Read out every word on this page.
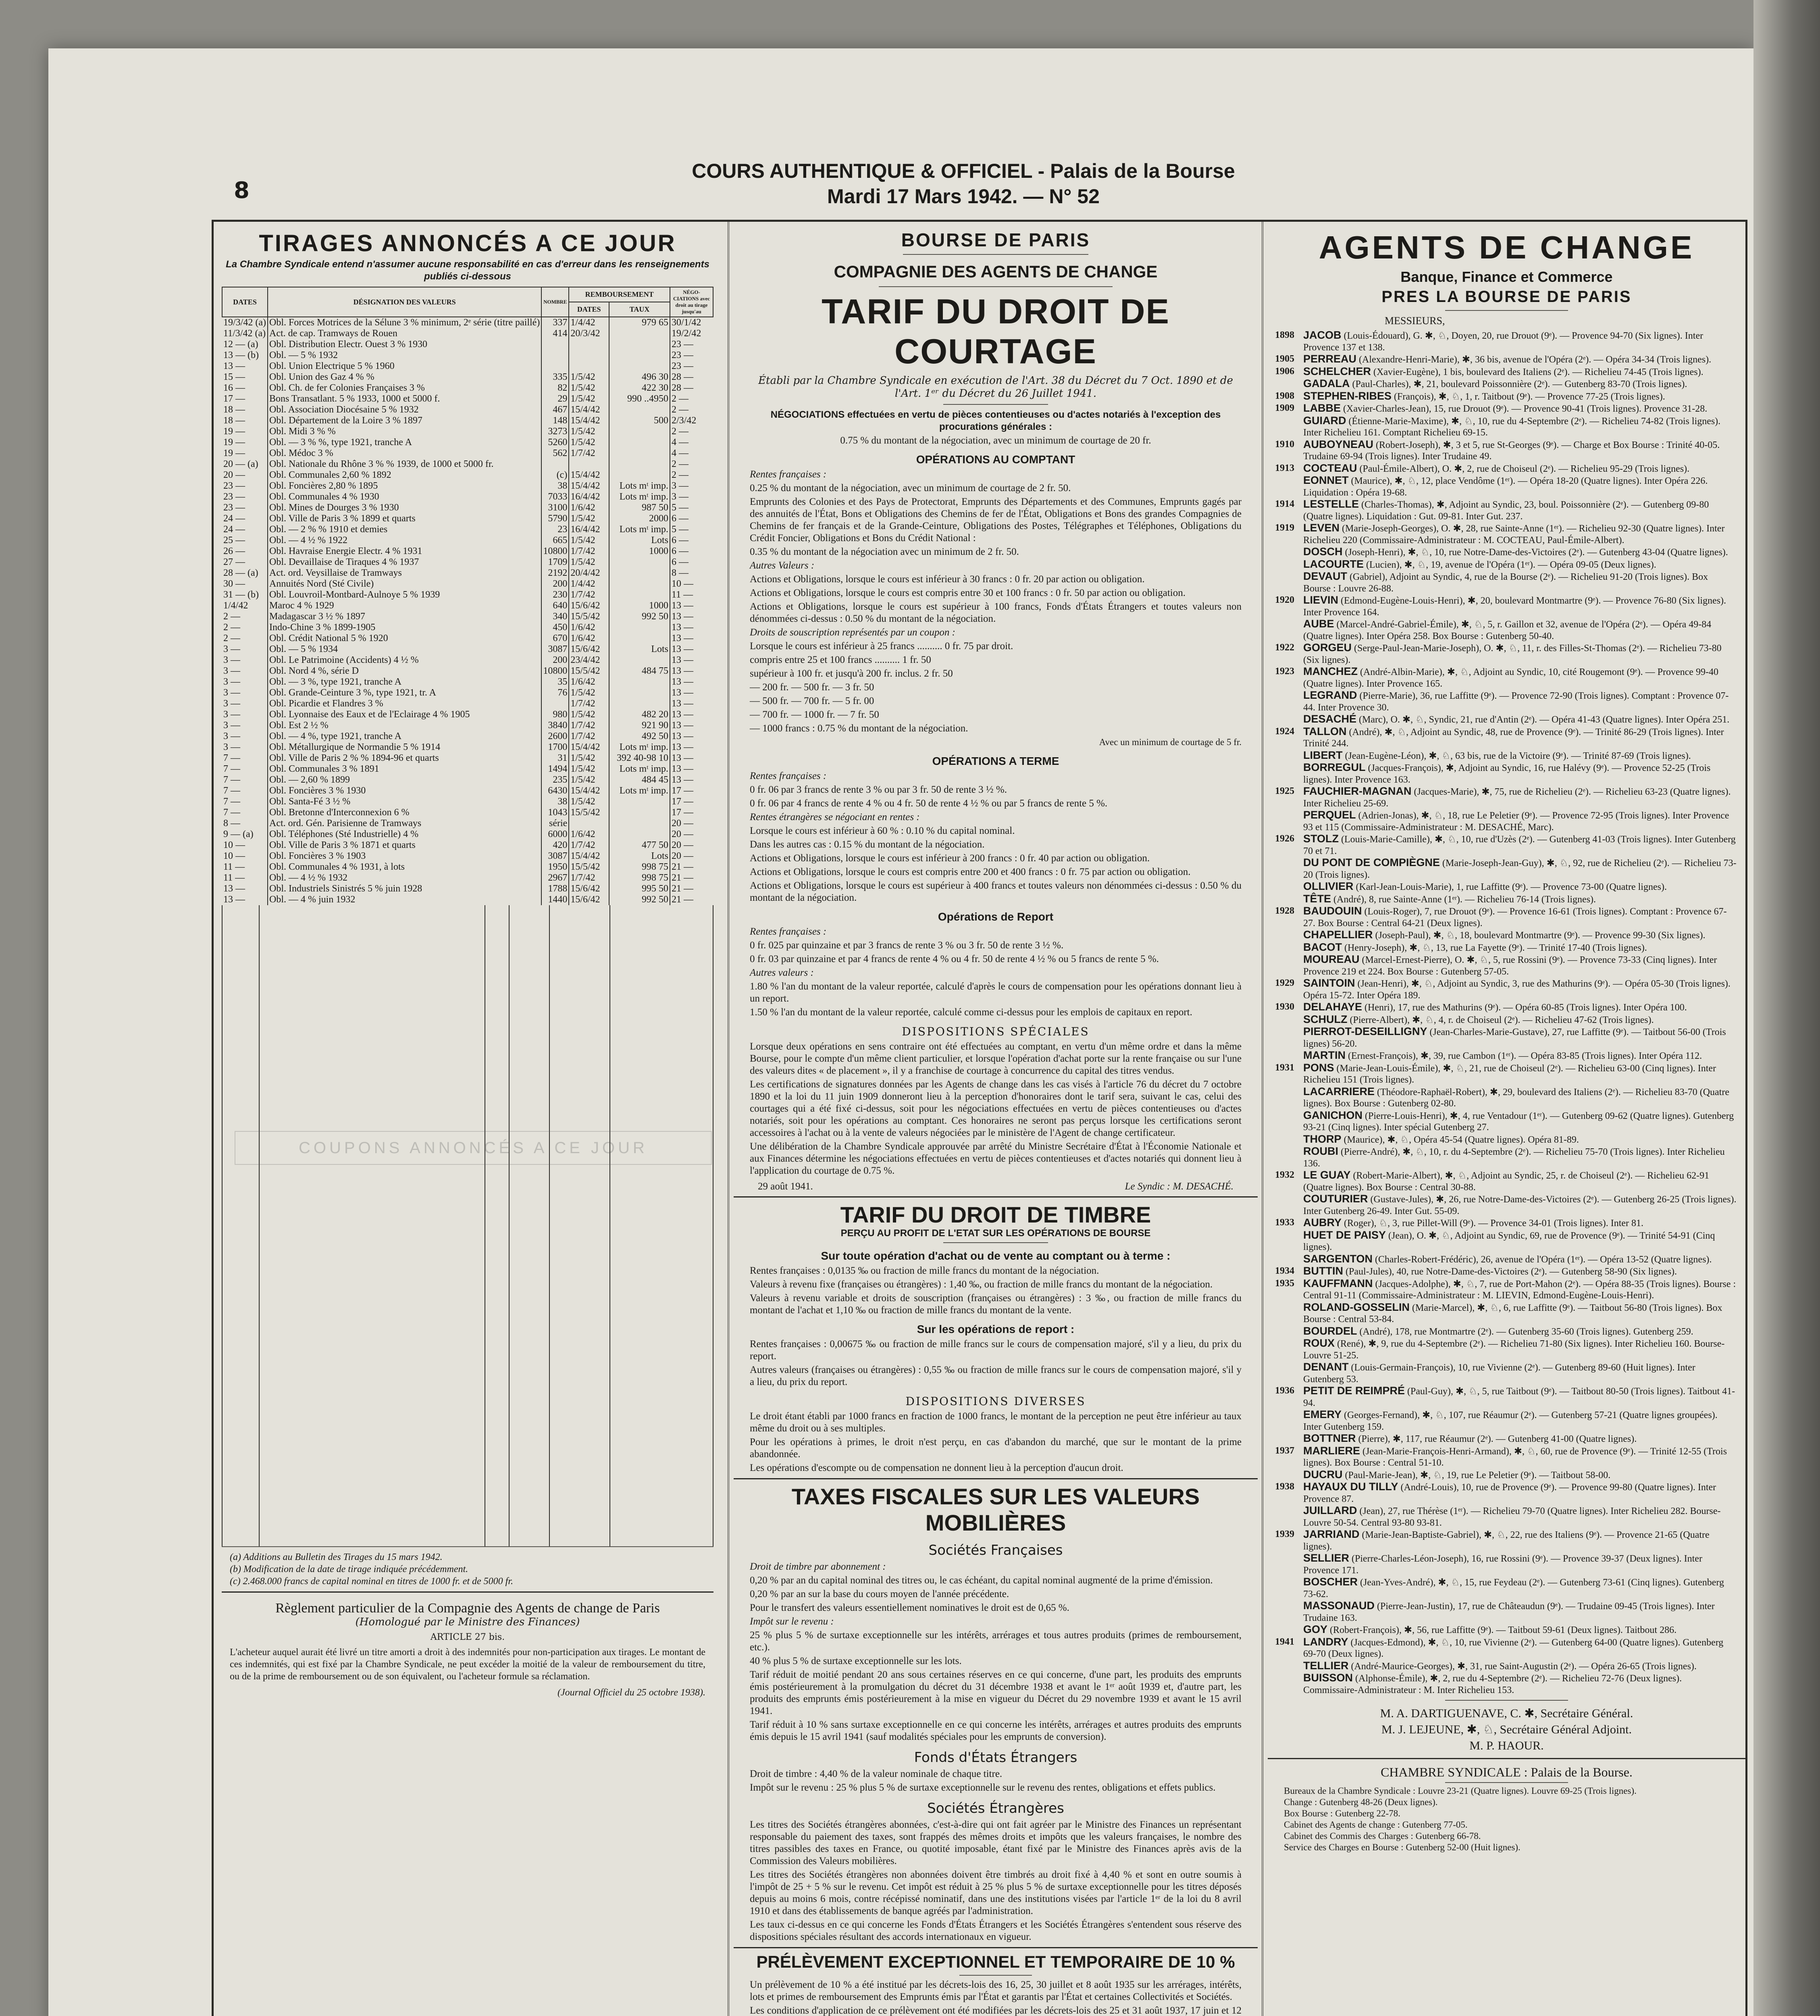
8
COURS AUTHENTIQUE & OFFICIEL - Palais de la Bourse
Mardi 17 Mars 1942. — N° 52
TIRAGES ANNONCÉS A CE JOUR
La Chambre Syndicale entend n'assumer aucune responsabilité en cas d'erreur dans les renseignements publiés ci-dessous
DATES	DÉSIGNATION DES VALEURS	NOMBRE	REMBOURSEMENT		NÉGO-CIATIONS avec droit au tirage jusqu'au
			DATES	TAUX	
19/3/42 (a)	Obl. Forces Motrices de la Sélune 3 % minimum, 2ᵉ série (titre paillé)	337	1/4/42	979 65	30/1/42
11/3/42 (a)	Act. de cap. Tramways de Rouen	414	20/3/42		19/2/42
12 — (a)	Obl. Distribution Electr. Ouest 3 % 1930				23 —
13 — (b)	Obl. — 5 % 1932				23 —
13 —	Obl. Union Electrique 5 % 1960				23 —
15 —	Obl. Union des Gaz 4 % %	335	1/5/42	496 30	28 —
16 —	Obl. Ch. de fer Colonies Françaises 3 %	82	1/5/42	422 30	28 —
17 —	Bons Transatlant. 5 % 1933, 1000 et 5000 f.	29	1/5/42	990 ..4950	2 —
18 —	Obl. Association Diocésaine 5 % 1932	467	15/4/42		2 —
18 —	Obl. Département de la Loire 3 % 1897	148	15/4/42	500	2/3/42
19 —	Obl. Midi 3 % %	3273	1/5/42		2 —
19 —	Obl. — 3 % %, type 1921, tranche A	5260	1/5/42		4 —
19 —	Obl. Médoc 3 %	562	1/7/42		4 —
20 — (a)	Obl. Nationale du Rhône 3 % % 1939, de 1000 et 5000 fr.				2 —
20 —	Obl. Communales 2,60 % 1892	(c)	15/4/42		2 —
23 —	Obl. Foncières 2,80 % 1895	38	15/4/42	Lots mᵗ imp.	3 —
23 —	Obl. Communales 4 % 1930	7033	16/4/42	Lots mᵗ imp.	3 —
23 —	Obl. Mines de Dourges 3 % 1930	3100	1/6/42	987 50	5 —
24 —	Obl. Ville de Paris 3 % 1899 et quarts	5790	1/5/42	2000	6 —
24 —	Obl. — 2 % % 1910 et demies	23	16/4/42	Lots mᵗ imp.	5 —
25 —	Obl. — 4 ½ % 1922	665	1/5/42	Lots	6 —
26 —	Obl. Havraise Energie Electr. 4 % 1931	10800	1/7/42	1000	6 —
27 —	Obl. Devaillaise de Tiraques 4 % 1937	1709	1/5/42		6 —
28 — (a)	Act. ord. Veysillaise de Tramways	2192	20/4/42		8 —
30 —	Annuités Nord (Sté Civile)	200	1/4/42		10 —
31 — (b)	Obl. Louvroil-Montbard-Aulnoye 5 % 1939	230	1/7/42		11 —
1/4/42	Maroc 4 % 1929	640	15/6/42	1000	13 —
2 —	Madagascar 3 ½ % 1897	340	15/5/42	992 50	13 —
2 —	Indo-Chine 3 % 1899-1905	450	1/6/42		13 —
2 —	Obl. Crédit National 5 % 1920	670	1/6/42		13 —
3 —	Obl. — 5 % 1934	3087	15/6/42	Lots	13 —
3 —	Obl. Le Patrimoine (Accidents) 4 ½ %	200	23/4/42		13 —
3 —	Obl. Nord 4 %, série D	10800	15/5/42	484 75	13 —
3 —	Obl. — 3 %, type 1921, tranche A	35	1/6/42		13 —
3 —	Obl. Grande-Ceinture 3 %, type 1921, tr. A	76	1/5/42		13 —
3 —	Obl. Picardie et Flandres 3 %		1/7/42		13 —
3 —	Obl. Lyonnaise des Eaux et de l'Eclairage 4 % 1905	980	1/5/42	482 20	13 —
3 —	Obl. Est 2 ½ %	3840	1/7/42	921 90	13 —
3 —	Obl. — 4 %, type 1921, tranche A	2600	1/7/42	492 50	13 —
3 —	Obl. Métallurgique de Normandie 5 % 1914	1700	15/4/42	Lots mᵗ imp.	13 —
7 —	Obl. Ville de Paris 2 % % 1894-96 et quarts	31	1/5/42	392 40-98 10	13 —
7 —	Obl. Communales 3 % 1891	1494	1/5/42	Lots mᵗ imp.	13 —
7 —	Obl. — 2,60 % 1899	235	1/5/42	484 45	13 —
7 —	Obl. Foncières 3 % 1930	6430	15/4/42	Lots mᵗ imp.	17 —
7 —	Obl. Santa-Fé 3 ½ %	38	1/5/42		17 —
7 —	Obl. Bretonne d'Interconnexion 6 %	1043	15/5/42		17 —
8 —	Act. ord. Gén. Parisienne de Tramways	série			20 —
9 — (a)	Obl. Téléphones (Sté Industrielle) 4 %	6000	1/6/42		20 —
10 —	Obl. Ville de Paris 3 % 1871 et quarts	420	1/7/42	477 50	20 —
10 —	Obl. Foncières 3 % 1903	3087	15/4/42	Lots	20 —
11 —	Obl. Communales 4 % 1931, à lots	1950	15/5/42	998 75	21 —
11 —	Obl. — 4 ½ % 1932	2967	1/7/42	998 75	21 —
13 —	Obl. Industriels Sinistrés 5 % juin 1928	1788	15/6/42	995 50	21 —
13 —	Obl. — 4 % juin 1932	1440	15/6/42	992 50	21 —
COUPONS ANNONCÉS A CE JOUR
(a) Additions au Bulletin des Tirages du 15 mars 1942.
(b) Modification de la date de tirage indiquée précédemment.
(c) 2.468.000 francs de capital nominal en titres de 1000 fr. et de 5000 fr.
Règlement particulier de la Compagnie des Agents de change de Paris
(Homologué par le Ministre des Finances)
ARTICLE 27 bis.
L'acheteur auquel aurait été livré un titre amorti a droit à des indemnités pour non-participation aux tirages. Le montant de ces indemnités, qui est fixé par la Chambre Syndicale, ne peut excéder la moitié de la valeur de remboursement du titre, ou de la prime de remboursement ou de son équivalent, ou l'acheteur formule sa réclamation.
(Journal Officiel du 25 octobre 1938).
BOURSE DE PARIS
COMPAGNIE DES AGENTS DE CHANGE
TARIF DU DROIT DE COURTAGE
Établi par la Chambre Syndicale en exécution de l'Art. 38 du Décret du 7 Oct. 1890 et de l'Art. 1ᵉʳ du Décret du 26 Juillet 1941.
NÉGOCIATIONS effectuées en vertu de pièces contentieuses ou d'actes notariés à l'exception des procurations générales :
0.75 % du montant de la négociation, avec un minimum de courtage de 20 fr.
OPÉRATIONS AU COMPTANT
Rentes françaises :
0.25 % du montant de la négociation, avec un minimum de courtage de 2 fr. 50.
Emprunts des Colonies et des Pays de Protectorat, Emprunts des Départements et des Communes, Emprunts gagés par des annuités de l'État, Bons et Obligations des Chemins de fer de l'État, Obligations et Bons des grandes Compagnies de Chemins de fer français et de la Grande-Ceinture, Obligations des Postes, Télégraphes et Téléphones, Obligations du Crédit Foncier, Obligations et Bons du Crédit National :
0.35 % du montant de la négociation avec un minimum de 2 fr. 50.
Autres Valeurs :
Actions et Obligations, lorsque le cours est inférieur à 30 francs : 0 fr. 20 par action ou obligation.
Actions et Obligations, lorsque le cours est compris entre 30 et 100 francs : 0 fr. 50 par action ou obligation.
Actions et Obligations, lorsque le cours est supérieur à 100 francs, Fonds d'États Étrangers et toutes valeurs non dénommées ci-dessus : 0.50 % du montant de la négociation.
Droits de souscription représentés par un coupon :
Lorsque le cours est inférieur à 25 francs .......... 0 fr. 75 par droit.
compris entre 25 et 100 francs .......... 1 fr. 50
supérieur à 100 fr. et jusqu'à 200 fr. inclus. 2 fr. 50
— 200 fr. — 500 fr. — 3 fr. 50
— 500 fr. — 700 fr. — 5 fr. 00
— 700 fr. — 1000 fr. — 7 fr. 50
— 1000 francs : 0.75 % du montant de la négociation.
Avec un minimum de courtage de 5 fr.
OPÉRATIONS A TERME
Rentes françaises :
0 fr. 06 par 3 francs de rente 3 % ou par 3 fr. 50 de rente 3 ½ %.
0 fr. 06 par 4 francs de rente 4 % ou 4 fr. 50 de rente 4 ½ % ou par 5 francs de rente 5 %.
Rentes étrangères se négociant en rentes :
Lorsque le cours est inférieur à 60 % : 0.10 % du capital nominal.
Dans les autres cas : 0.15 % du montant de la négociation.
Actions et Obligations, lorsque le cours est inférieur à 200 francs : 0 fr. 40 par action ou obligation.
Actions et Obligations, lorsque le cours est compris entre 200 et 400 francs : 0 fr. 75 par action ou obligation.
Actions et Obligations, lorsque le cours est supérieur à 400 francs et toutes valeurs non dénommées ci-dessus : 0.50 % du montant de la négociation.
Opérations de Report
Rentes françaises :
0 fr. 025 par quinzaine et par 3 francs de rente 3 % ou 3 fr. 50 de rente 3 ½ %.
0 fr. 03 par quinzaine et par 4 francs de rente 4 % ou 4 fr. 50 de rente 4 ½ % ou 5 francs de rente 5 %.
Autres valeurs :
1.80 % l'an du montant de la valeur reportée, calculé d'après le cours de compensation pour les opérations donnant lieu à un report.
1.50 % l'an du montant de la valeur reportée, calculé comme ci-dessus pour les emplois de capitaux en report.
DISPOSITIONS SPÉCIALES
Lorsque deux opérations en sens contraire ont été effectuées au comptant, en vertu d'un même ordre et dans la même Bourse, pour le compte d'un même client particulier, et lorsque l'opération d'achat porte sur la rente française ou sur l'une des valeurs dites « de placement », il y a franchise de courtage à concurrence du capital des titres vendus.
Les certifications de signatures données par les Agents de change dans les cas visés à l'article 76 du décret du 7 octobre 1890 et la loi du 11 juin 1909 donneront lieu à la perception d'honoraires dont le tarif sera, suivant le cas, celui des courtages qui a été fixé ci-dessus, soit pour les négociations effectuées en vertu de pièces contentieuses ou d'actes notariés, soit pour les opérations au comptant. Ces honoraires ne seront pas perçus lorsque les certifications seront accessoires à l'achat ou à la vente de valeurs négociées par le ministère de l'Agent de change certificateur.
Une délibération de la Chambre Syndicale approuvée par arrêté du Ministre Secrétaire d'État à l'Économie Nationale et aux Finances détermine les négociations effectuées en vertu de pièces contentieuses et d'actes notariés qui donnent lieu à l'application du courtage de 0.75 %.
29 août 1941.	Le Syndic : M. DESACHÉ.
TARIF DU DROIT DE TIMBRE
PERÇU AU PROFIT DE L'ETAT SUR LES OPÉRATIONS DE BOURSE
Sur toute opération d'achat ou de vente au comptant ou à terme :
Rentes françaises : 0,0135 ‰ ou fraction de mille francs du montant de la négociation.
Valeurs à revenu fixe (françaises ou étrangères) : 1,40 ‰, ou fraction de mille francs du montant de la négociation.
Valeurs à revenu variable et droits de souscription (françaises ou étrangères) : 3 ‰, ou fraction de mille francs du montant de l'achat et 1,10 ‰ ou fraction de mille francs du montant de la vente.
Sur les opérations de report :
Rentes françaises : 0,00675 ‰ ou fraction de mille francs sur le cours de compensation majoré, s'il y a lieu, du prix du report.
Autres valeurs (françaises ou étrangères) : 0,55 ‰ ou fraction de mille francs sur le cours de compensation majoré, s'il y a lieu, du prix du report.
DISPOSITIONS DIVERSES
Le droit étant établi par 1000 francs en fraction de 1000 francs, le montant de la perception ne peut être inférieur au taux même du droit ou à ses multiples.
Pour les opérations à primes, le droit n'est perçu, en cas d'abandon du marché, que sur le montant de la prime abandonnée.
Les opérations d'escompte ou de compensation ne donnent lieu à la perception d'aucun droit.
TAXES FISCALES SUR LES VALEURS MOBILIÈRES
Sociétés Françaises
Droit de timbre par abonnement :
0,20 % par an du capital nominal des titres ou, le cas échéant, du capital nominal augmenté de la prime d'émission.
0,20 % par an sur la base du cours moyen de l'année précédente.
Pour le transfert des valeurs essentiellement nominatives le droit est de 0,65 %.
Impôt sur le revenu :
25 % plus 5 % de surtaxe exceptionnelle sur les intérêts, arrérages et tous autres produits (primes de remboursement, etc.).
40 % plus 5 % de surtaxe exceptionnelle sur les lots.
Tarif réduit de moitié pendant 20 ans sous certaines réserves en ce qui concerne, d'une part, les produits des emprunts émis postérieurement à la promulgation du décret du 31 décembre 1938 et avant le 1ᵉʳ août 1939 et, d'autre part, les produits des emprunts émis postérieurement à la mise en vigueur du Décret du 29 novembre 1939 et avant le 15 avril 1941.
Tarif réduit à 10 % sans surtaxe exceptionnelle en ce qui concerne les intérêts, arrérages et autres produits des emprunts émis depuis le 15 avril 1941 (sauf modalités spéciales pour les emprunts de conversion).
Fonds d'États Étrangers
Droit de timbre : 4,40 % de la valeur nominale de chaque titre.
Impôt sur le revenu : 25 % plus 5 % de surtaxe exceptionnelle sur le revenu des rentes, obligations et effets publics.
Sociétés Étrangères
Les titres des Sociétés étrangères abonnées, c'est-à-dire qui ont fait agréer par le Ministre des Finances un représentant responsable du paiement des taxes, sont frappés des mêmes droits et impôts que les valeurs françaises, le nombre des titres passibles des taxes en France, ou quotité imposable, étant fixé par le Ministre des Finances après avis de la Commission des Valeurs mobilières.
Les titres des Sociétés étrangères non abonnées doivent être timbrés au droit fixé à 4,40 % et sont en outre soumis à l'impôt de 25 + 5 % sur le revenu. Cet impôt est réduit à 25 % plus 5 % de surtaxe exceptionnelle pour les titres déposés depuis au moins 6 mois, contre récépissé nominatif, dans une des institutions visées par l'article 1ᵉʳ de la loi du 8 avril 1910 et dans des établissements de banque agréés par l'administration.
Les taux ci-dessus en ce qui concerne les Fonds d'États Étrangers et les Sociétés Étrangères s'entendent sous réserve des dispositions spéciales résultant des accords internationaux en vigueur.
PRÉLÈVEMENT EXCEPTIONNEL ET TEMPORAIRE DE 10 %
Un prélèvement de 10 % a été institué par les décrets-lois des 16, 25, 30 juillet et 8 août 1935 sur les arrérages, intérêts, lots et primes de remboursement des Emprunts émis par l'État et garantis par l'État et certaines Collectivités et Sociétés.
Les conditions d'application de ce prélèvement ont été modifiées par les décrets-lois des 25 et 31 août 1937, 17 juin et 12
AGENTS DE CHANGE
Banque, Finance et Commerce
PRES LA BOURSE DE PARIS
MESSIEURS,
1898 JACOB (Louis-Édouard), G. ✱, ♘, Doyen, 20, rue Drouot (9ᵉ). — Provence 94-70 (Six lignes). Inter Provence 137 et 138.
1905 PERREAU (Alexandre-Henri-Marie), ✱, 36 bis, avenue de l'Opéra (2ᵉ). — Opéra 34-34 (Trois lignes).
1906 SCHELCHER (Xavier-Eugène), 1 bis, boulevard des Italiens (2ᵉ). — Richelieu 74-45 (Trois lignes).
GADALA (Paul-Charles), ✱, 21, boulevard Poissonnière (2ᵉ). — Gutenberg 83-70 (Trois lignes).
1908 STEPHEN-RIBES (François), ✱, ♘, 1, r. Taitbout (9ᵉ). — Provence 77-25 (Trois lignes).
1909 LABBE (Xavier-Charles-Jean), 15, rue Drouot (9ᵉ). — Provence 90-41 (Trois lignes). Provence 31-28.
GUIARD (Étienne-Marie-Maxime), ✱, ♘, 10, rue du 4-Septembre (2ᵉ). — Richelieu 74-82 (Trois lignes). Inter Richelieu 161. Comptant Richelieu 69-15.
1910 AUBOYNEAU (Robert-Joseph), ✱, 3 et 5, rue St-Georges (9ᵉ). — Charge et Box Bourse : Trinité 40-05. Trudaine 69-94 (Trois lignes). Inter Trudaine 49.
1913 COCTEAU (Paul-Émile-Albert), O. ✱, 2, rue de Choiseul (2ᵉ). — Richelieu 95-29 (Trois lignes).
EONNET (Maurice), ✱, ♘, 12, place Vendôme (1ᵉʳ). — Opéra 18-20 (Quatre lignes). Inter Opéra 226. Liquidation : Opéra 19-68.
1914 LESTELLE (Charles-Thomas), ✱, Adjoint au Syndic, 23, boul. Poissonnière (2ᵉ). — Gutenberg 09-80 (Quatre lignes). Liquidation : Gut. 09-81. Inter Gut. 237.
1919 LEVEN (Marie-Joseph-Georges), O. ✱, 28, rue Sainte-Anne (1ᵉʳ). — Richelieu 92-30 (Quatre lignes). Inter Richelieu 220 (Commissaire-Administrateur : M. COCTEAU, Paul-Émile-Albert).
DOSCH (Joseph-Henri), ✱, ♘, 10, rue Notre-Dame-des-Victoires (2ᵉ). — Gutenberg 43-04 (Quatre lignes).
LACOURTE (Lucien), ✱, ♘, 19, avenue de l'Opéra (1ᵉʳ). — Opéra 09-05 (Deux lignes).
DEVAUT (Gabriel), Adjoint au Syndic, 4, rue de la Bourse (2ᵉ). — Richelieu 91-20 (Trois lignes). Box Bourse : Louvre 26-88.
1920 LIEVIN (Edmond-Eugène-Louis-Henri), ✱, 20, boulevard Montmartre (9ᵉ). — Provence 76-80 (Six lignes). Inter Provence 164.
AUBE (Marcel-André-Gabriel-Émile), ✱, ♘, 5, r. Gaillon et 32, avenue de l'Opéra (2ᵉ). — Opéra 49-84 (Quatre lignes). Inter Opéra 258. Box Bourse : Gutenberg 50-40.
1922 GORGEU (Serge-Paul-Jean-Marie-Joseph), O. ✱, ♘, 11, r. des Filles-St-Thomas (2ᵉ). — Richelieu 73-80 (Six lignes).
1923 MANCHEZ (André-Albin-Marie), ✱, ♘, Adjoint au Syndic, 10, cité Rougemont (9ᵉ). — Provence 99-40 (Quatre lignes). Inter Provence 165.
LEGRAND (Pierre-Marie), 36, rue Laffitte (9ᵉ). — Provence 72-90 (Trois lignes). Comptant : Provence 07-44. Inter Provence 30.
DESACHÉ (Marc), O. ✱, ♘, Syndic, 21, rue d'Antin (2ᵉ). — Opéra 41-43 (Quatre lignes). Inter Opéra 251.
1924 TALLON (André), ✱, ♘, Adjoint au Syndic, 48, rue de Provence (9ᵉ). — Trinité 86-29 (Trois lignes). Inter Trinité 244.
LIBERT (Jean-Eugène-Léon), ✱, ♘, 63 bis, rue de la Victoire (9ᵉ). — Trinité 87-69 (Trois lignes).
BORREGUL (Jacques-François), ✱, Adjoint au Syndic, 16, rue Halévy (9ᵉ). — Provence 52-25 (Trois lignes). Inter Provence 163.
1925 FAUCHIER-MAGNAN (Jacques-Marie), ✱, 75, rue de Richelieu (2ᵉ). — Richelieu 63-23 (Quatre lignes). Inter Richelieu 25-69.
PERQUEL (Adrien-Jonas), ✱, ♘, 18, rue Le Peletier (9ᵉ). — Provence 72-95 (Trois lignes). Inter Provence 93 et 115 (Commissaire-Administrateur : M. DESACHÉ, Marc).
1926 STOLZ (Louis-Marie-Camille), ✱, ♘, 10, rue d'Uzès (2ᵉ). — Gutenberg 41-03 (Trois lignes). Inter Gutenberg 70 et 71.
DU PONT DE COMPIÈGNE (Marie-Joseph-Jean-Guy), ✱, ♘, 92, rue de Richelieu (2ᵉ). — Richelieu 73-20 (Trois lignes).
OLLIVIER (Karl-Jean-Louis-Marie), 1, rue Laffitte (9ᵉ). — Provence 73-00 (Quatre lignes).
TÊTE (André), 8, rue Sainte-Anne (1ᵉʳ). — Richelieu 76-14 (Trois lignes).
1928 BAUDOUIN (Louis-Roger), 7, rue Drouot (9ᵉ). — Provence 16-61 (Trois lignes). Comptant : Provence 67-27. Box Bourse : Central 64-21 (Deux lignes).
CHAPELLIER (Joseph-Paul), ✱, ♘, 18, boulevard Montmartre (9ᵉ). — Provence 99-30 (Six lignes).
BACOT (Henry-Joseph), ✱, ♘, 13, rue La Fayette (9ᵉ). — Trinité 17-40 (Trois lignes).
MOUREAU (Marcel-Ernest-Pierre), O. ✱, ♘, 5, rue Rossini (9ᵉ). — Provence 73-33 (Cinq lignes). Inter Provence 219 et 224. Box Bourse : Gutenberg 57-05.
1929 SAINTOIN (Jean-Henri), ✱, ♘, Adjoint au Syndic, 3, rue des Mathurins (9ᵉ). — Opéra 05-30 (Trois lignes). Opéra 15-72. Inter Opéra 189.
1930 DELAHAYE (Henri), 17, rue des Mathurins (9ᵉ). — Opéra 60-85 (Trois lignes). Inter Opéra 100.
SCHULZ (Pierre-Albert), ✱, ♘, 4, r. de Choiseul (2ᵉ). — Richelieu 47-62 (Trois lignes).
PIERROT-DESEILLIGNY (Jean-Charles-Marie-Gustave), 27, rue Laffitte (9ᵉ). — Taitbout 56-00 (Trois lignes) 56-20.
MARTIN (Ernest-François), ✱, 39, rue Cambon (1ᵉʳ). — Opéra 83-85 (Trois lignes). Inter Opéra 112.
1931 PONS (Marie-Jean-Louis-Émile), ✱, ♘, 21, rue de Choiseul (2ᵉ). — Richelieu 63-00 (Cinq lignes). Inter Richelieu 151 (Trois lignes).
LACARRIERE (Théodore-Raphaël-Robert), ✱, 29, boulevard des Italiens (2ᵉ). — Richelieu 83-70 (Quatre lignes). Box Bourse : Gutenberg 02-80.
GANICHON (Pierre-Louis-Henri), ✱, 4, rue Ventadour (1ᵉʳ). — Gutenberg 09-62 (Quatre lignes). Gutenberg 93-21 (Cinq lignes). Inter spécial Gutenberg 27.
THORP (Maurice), ✱, ♘, Opéra 45-54 (Quatre lignes). Opéra 81-89.
ROUBI (Pierre-André), ✱, ♘, 10, r. du 4-Septembre (2ᵉ). — Richelieu 75-70 (Trois lignes). Inter Richelieu 136.
1932 LE GUAY (Robert-Marie-Albert), ✱, ♘, Adjoint au Syndic, 25, r. de Choiseul (2ᵉ). — Richelieu 62-91 (Quatre lignes). Box Bourse : Central 30-88.
COUTURIER (Gustave-Jules), ✱, 26, rue Notre-Dame-des-Victoires (2ᵉ). — Gutenberg 26-25 (Trois lignes). Inter Gutenberg 26-49. Inter Gut. 55-09.
1933 AUBRY (Roger), ♘, 3, rue Pillet-Will (9ᵉ). — Provence 34-01 (Trois lignes). Inter 81.
HUET DE PAISY (Jean), O. ✱, ♘, Adjoint au Syndic, 69, rue de Provence (9ᵉ). — Trinité 54-91 (Cinq lignes).
SARGENTON (Charles-Robert-Frédéric), 26, avenue de l'Opéra (1ᵉʳ). — Opéra 13-52 (Quatre lignes).
1934 BUTTIN (Paul-Jules), 40, rue Notre-Dame-des-Victoires (2ᵉ). — Gutenberg 58-90 (Six lignes).
1935 KAUFFMANN (Jacques-Adolphe), ✱, ♘, 7, rue de Port-Mahon (2ᵉ). — Opéra 88-35 (Trois lignes). Bourse : Central 91-11 (Commissaire-Administrateur : M. LIEVIN, Edmond-Eugène-Louis-Henri).
ROLAND-GOSSELIN (Marie-Marcel), ✱, ♘, 6, rue Laffitte (9ᵉ). — Taitbout 56-80 (Trois lignes). Box Bourse : Central 53-84.
BOURDEL (André), 178, rue Montmartre (2ᵉ). — Gutenberg 35-60 (Trois lignes). Gutenberg 259.
ROUX (René), ✱, 9, rue du 4-Septembre (2ᵉ). — Richelieu 71-80 (Six lignes). Inter Richelieu 160. Bourse-Louvre 51-25.
DENANT (Louis-Germain-François), 10, rue Vivienne (2ᵉ). — Gutenberg 89-60 (Huit lignes). Inter Gutenberg 53.
1936 PETIT DE REIMPRÉ (Paul-Guy), ✱, ♘, 5, rue Taitbout (9ᵉ). — Taitbout 80-50 (Trois lignes). Taitbout 41-94.
EMERY (Georges-Fernand), ✱, ♘, 107, rue Réaumur (2ᵉ). — Gutenberg 57-21 (Quatre lignes groupées). Inter Gutenberg 159.
BOTTNER (Pierre), ✱, 117, rue Réaumur (2ᵉ). — Gutenberg 41-00 (Quatre lignes).
1937 MARLIERE (Jean-Marie-François-Henri-Armand), ✱, ♘, 60, rue de Provence (9ᵉ). — Trinité 12-55 (Trois lignes). Box Bourse : Central 51-10.
DUCRU (Paul-Marie-Jean), ✱, ♘, 19, rue Le Peletier (9ᵉ). — Taitbout 58-00.
1938 HAYAUX DU TILLY (André-Louis), 10, rue de Provence (9ᵉ). — Provence 99-80 (Quatre lignes). Inter Provence 87.
JUILLARD (Jean), 27, rue Thérèse (1ᵉʳ). — Richelieu 79-70 (Quatre lignes). Inter Richelieu 282. Bourse-Louvre 50-54. Central 93-80 93-81.
1939 JARRIAND (Marie-Jean-Baptiste-Gabriel), ✱, ♘, 22, rue des Italiens (9ᵉ). — Provence 21-65 (Quatre lignes).
SELLIER (Pierre-Charles-Léon-Joseph), 16, rue Rossini (9ᵉ). — Provence 39-37 (Deux lignes). Inter Provence 171.
BOSCHER (Jean-Yves-André), ✱, ♘, 15, rue Feydeau (2ᵉ). — Gutenberg 73-61 (Cinq lignes). Gutenberg 73-62.
MASSONAUD (Pierre-Jean-Justin), 17, rue de Châteaudun (9ᵉ). — Trudaine 09-45 (Trois lignes). Inter Trudaine 163.
GOY (Robert-François), ✱, 56, rue Laffitte (9ᵉ). — Taitbout 59-61 (Deux lignes). Taitbout 286.
1941 LANDRY (Jacques-Edmond), ✱, ♘, 10, rue Vivienne (2ᵉ). — Gutenberg 64-00 (Quatre lignes). Gutenberg 69-70 (Deux lignes).
TELLIER (André-Maurice-Georges), ✱, 31, rue Saint-Augustin (2ᵉ). — Opéra 26-65 (Trois lignes).
BUISSON (Alphonse-Émile), ✱, 2, rue du 4-Septembre (2ᵉ). — Richelieu 72-76 (Deux lignes). Commissaire-Administrateur : M. Inter Richelieu 153.
M. A. DARTIGUENAVE, C. ✱, Secrétaire Général.
M. J. LEJEUNE, ✱, ♘, Secrétaire Général Adjoint.
M. P. HAOUR.
CHAMBRE SYNDICALE : Palais de la Bourse.
Bureaux de la Chambre Syndicale : Louvre 23-21 (Quatre lignes). Louvre 69-25 (Trois lignes).
Change : Gutenberg 48-26 (Deux lignes).
Box Bourse : Gutenberg 22-78.
Cabinet des Agents de change : Gutenberg 77-05.
Cabinet des Commis des Charges : Gutenberg 66-78.
Service des Charges en Bourse : Gutenberg 52-00 (Huit lignes).
